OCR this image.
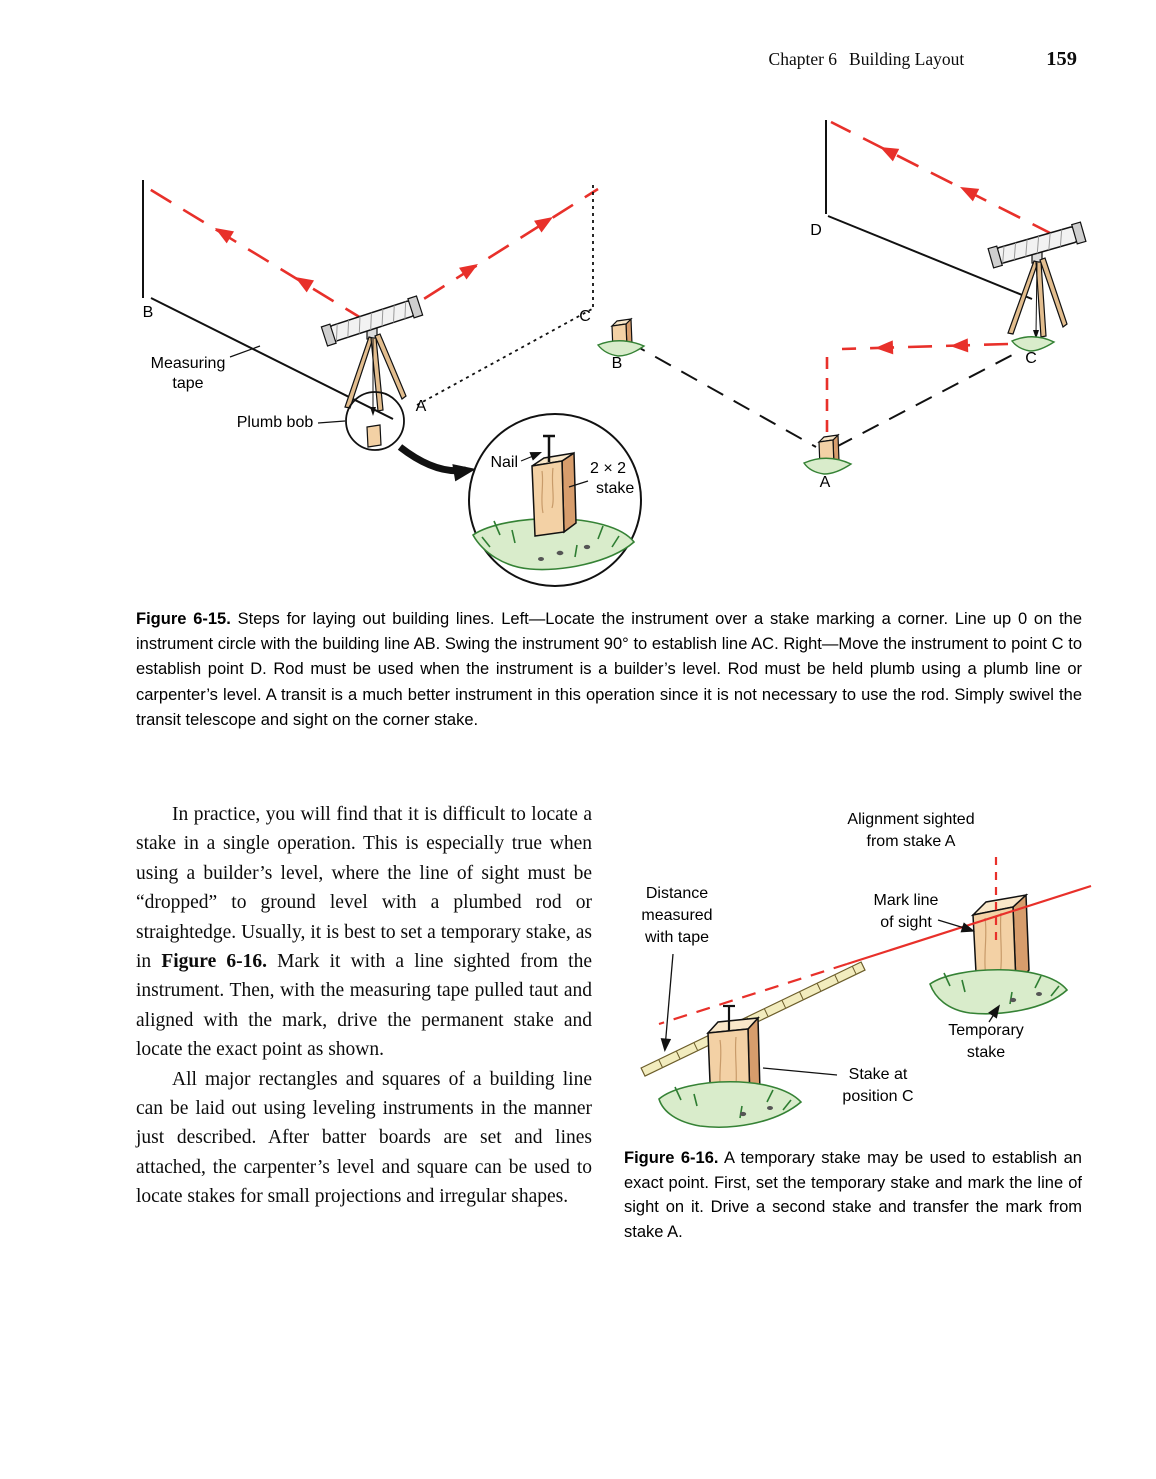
Chapter 6 Building Layout	159
B	C
A
Measuring
tape
Plumb bob
Nail	2 × 2
stake
D
C
B
A
Figure 6-15. Steps for laying out building lines. Left—Locate the instrument over a stake marking a corner. Line up 0 on the instrument circle with the building line AB. Swing the instrument 90° to establish line AC. Right—Move the instrument to point C to establish point D. Rod must be used when the instrument is a builder’s level. Rod must be held plumb using a plumb line or carpenter’s level. A transit is a much better instrument in this operation since it is not necessary to use the rod. Simply swivel the transit telescope and sight on the corner stake.

In practice, you will find that it is difficult to locate a stake in a single operation. This is especially true when using a builder’s level, where the line of sight must be “dropped” to ground level with a plumbed rod or straightedge. Usually, it is best to set a temporary stake, as in Figure 6-16. Mark it with a line sighted from the instrument. Then, with the measuring tape pulled taut and aligned with the mark, drive the permanent stake and locate the exact point as shown.

All major rectangles and squares of a building line can be laid out using leveling instruments in the manner just described. After batter boards are set and lines attached, the carpenter’s level and square can be used to locate stakes for small projections and irregular shapes.

Alignment sighted
from stake A
Distance
measured
with tape
Mark line
of sight
Temporary
stake
Stake at
position C
Figure 6-16. A temporary stake may be used to establish an exact point. First, set the temporary stake and mark the line of sight on it. Drive a second stake and transfer the mark from stake A.
